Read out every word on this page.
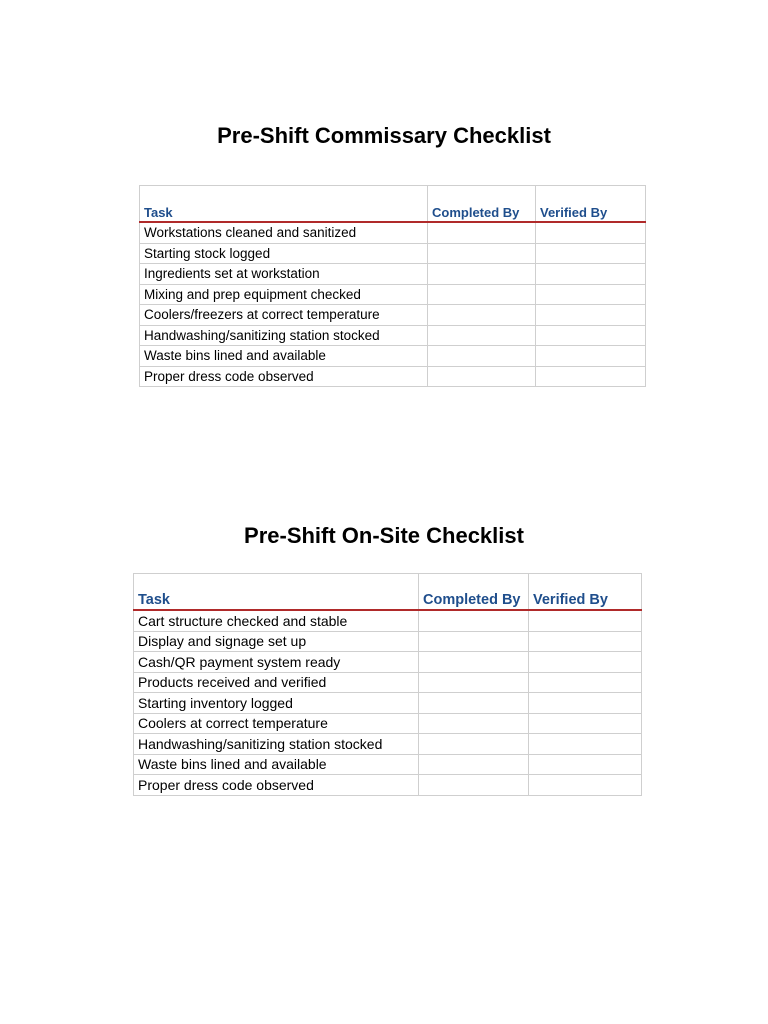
Pre-Shift Commissary Checklist
Task	Completed By	Verified By
Workstations cleaned and sanitized		
Starting stock logged		
Ingredients set at workstation		
Mixing and prep equipment checked		
Coolers/freezers at correct temperature		
Handwashing/sanitizing station stocked		
Waste bins lined and available		
Proper dress code observed		
Pre-Shift On-Site Checklist
Task	Completed By	Verified By
Cart structure checked and stable		
Display and signage set up		
Cash/QR payment system ready		
Products received and verified		
Starting inventory logged		
Coolers at correct temperature		
Handwashing/sanitizing station stocked		
Waste bins lined and available		
Proper dress code observed		
